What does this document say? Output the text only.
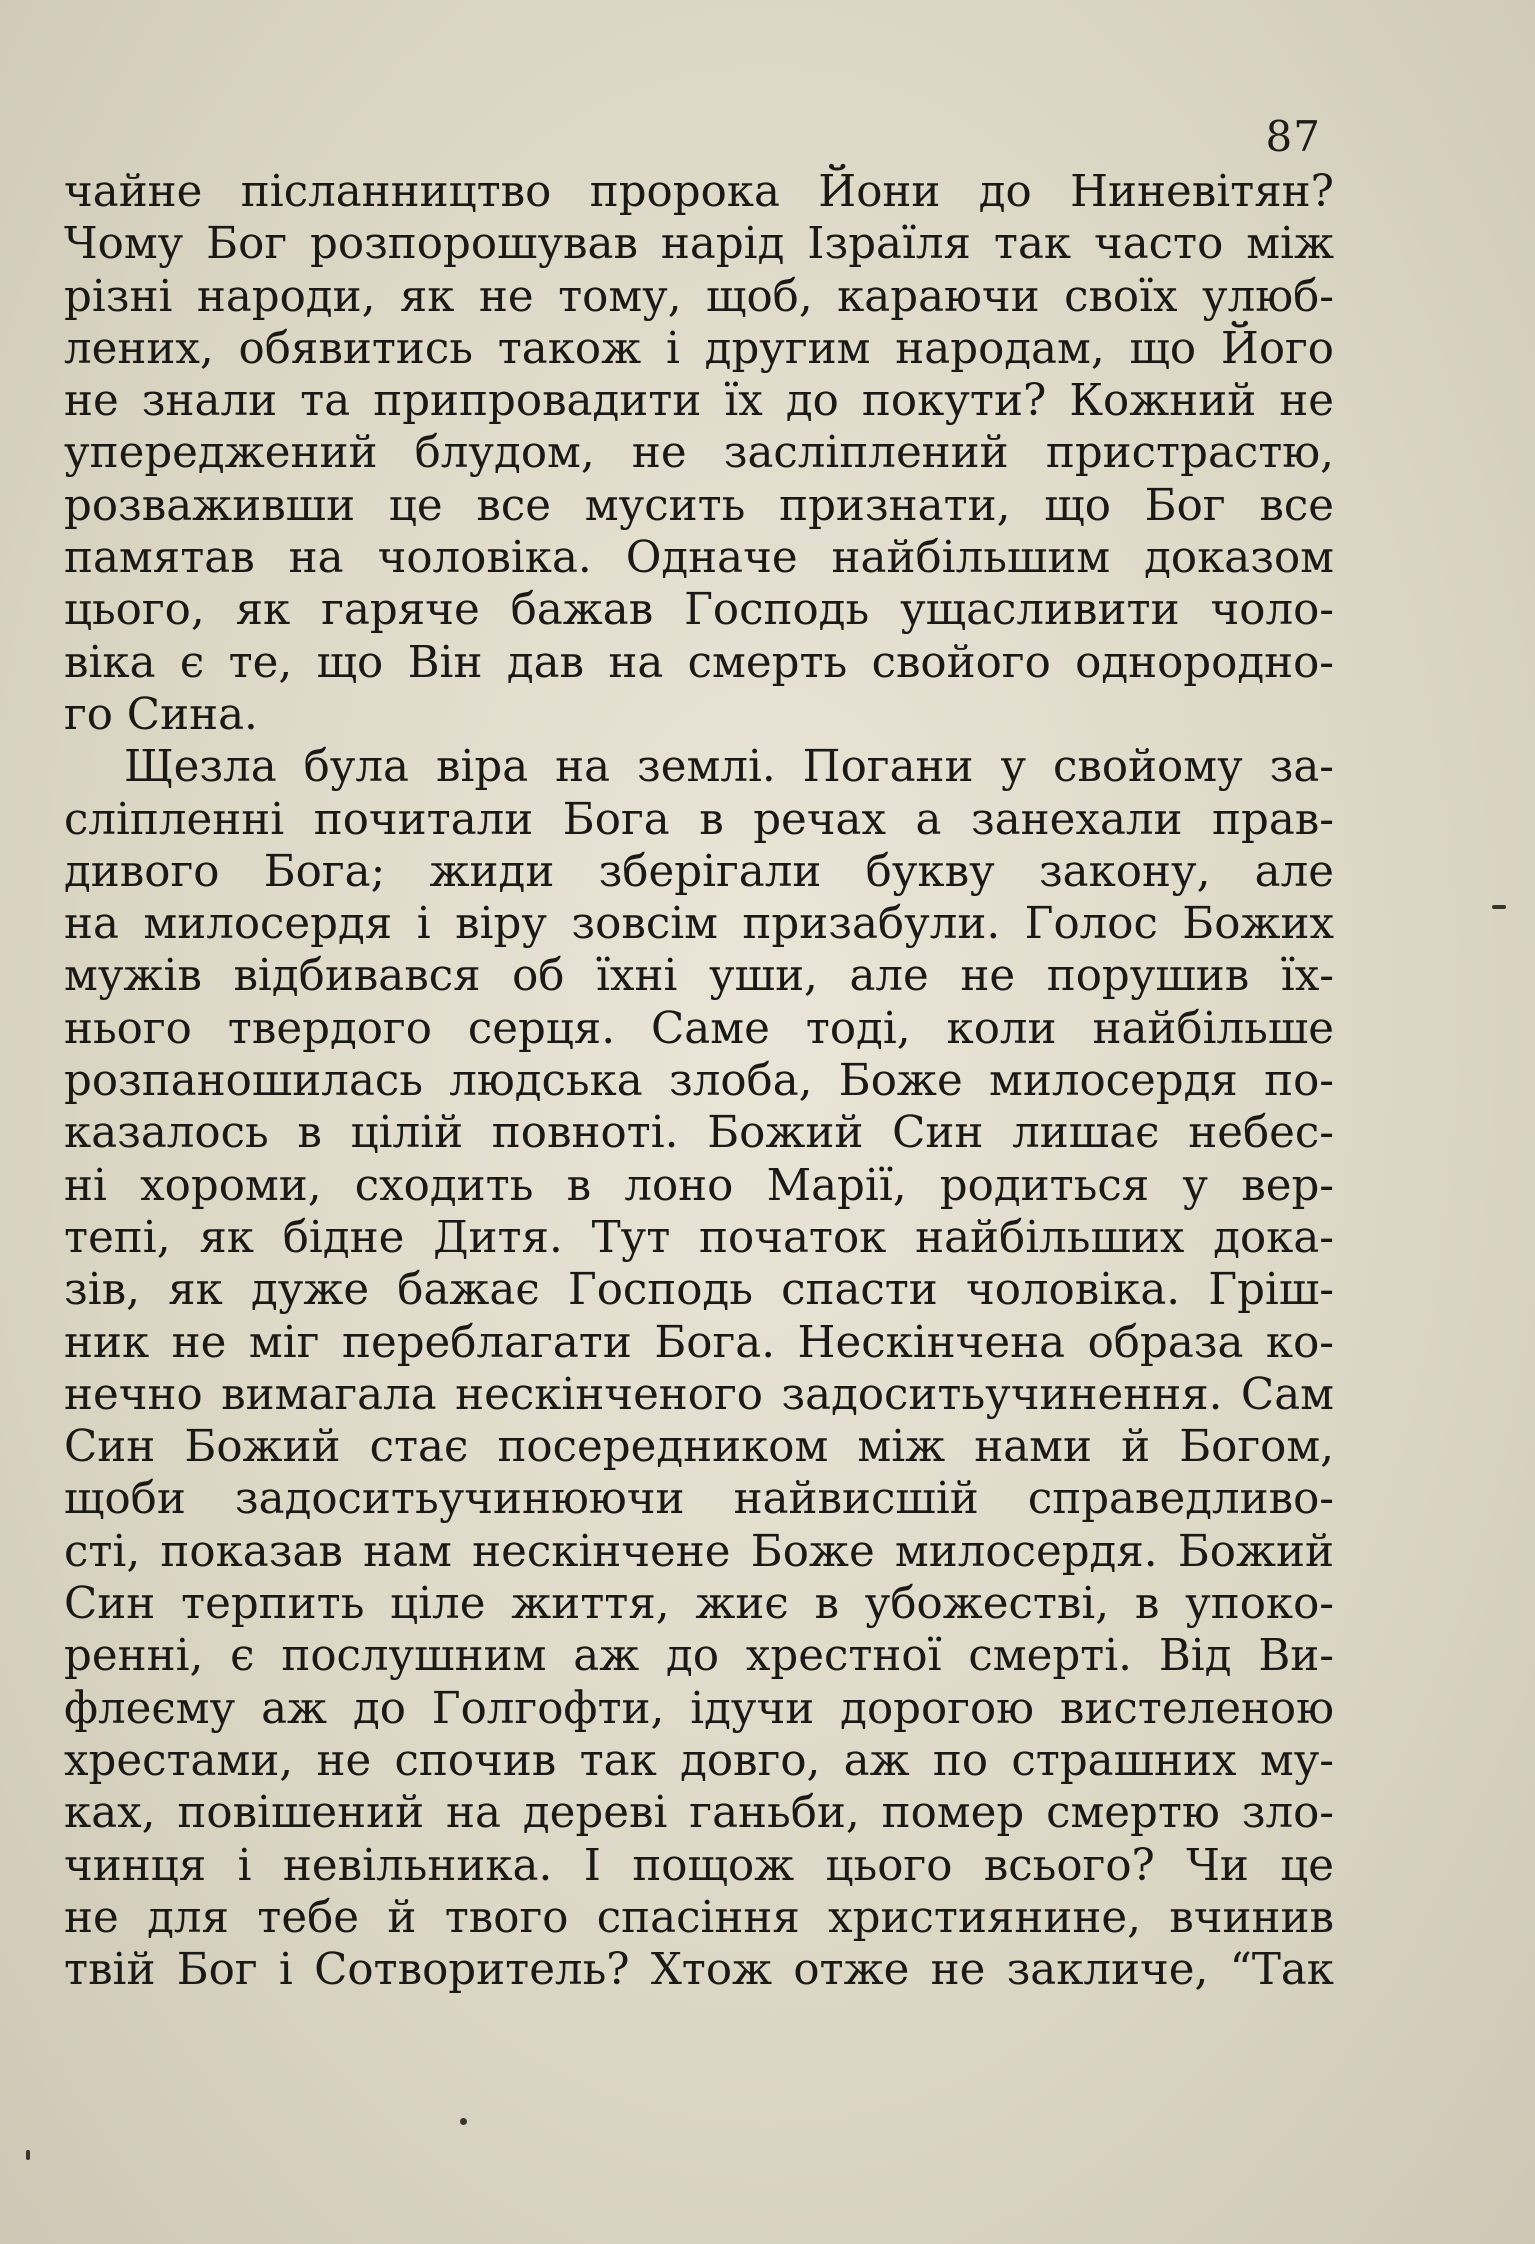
87
чайне післанництво пророка Йони до Ниневітян?
Чому Бог розпорошував нарід Ізраїля так часто між
різні народи, як не тому, щоб, караючи своїх улюб-
лених, обявитись також і другим народам, що Його
не знали та припровадити їх до покути? Кожний не
упереджений блудом, не засліплений пристрастю,
розваживши це все мусить признати, що Бог все
памятав на чоловіка. Одначе найбільшим доказом
цього, як гаряче бажав Господь ущасливити чоло-
віка є те, що Він дав на смерть свойого однородно-
го Сина.
Щезла була віра на землі. Погани у свойому за-
сліпленні почитали Бога в речах а занехали прав-
дивого Бога; жиди зберігали букву закону, але
на милосердя і віру зовсім призабули. Голос Божих
мужів відбивався об їхні уши, але не порушив їх-
нього твердого серця. Саме тоді, коли найбільше
розпаношилась людська злоба, Боже милосердя по-
казалось в цілій повноті. Божий Син лишає небес-
ні хороми, сходить в лоно Марії, родиться у вер-
тепі, як бідне Дитя. Тут початок найбільших дока-
зів, як дуже бажає Господь спасти чоловіка. Гріш-
ник не міг переблагати Бога. Нескінчена образа ко-
нечно вимагала нескінченого задоситьучинення. Сам
Син Божий стає посередником між нами й Богом,
щоби задоситьучинюючи найвисшій справедливо-
сті, показав нам нескінчене Боже милосердя. Божий
Син терпить ціле життя, жиє в убожестві, в упоко-
ренні, є послушним аж до хрестної смерті. Від Ви-
флеєму аж до Голгофти, ідучи дорогою вистеленою
хрестами, не спочив так довго, аж по страшних му-
ках, повішений на дереві ганьби, помер смертю зло-
чинця і невільника. І пощож цього всього? Чи це
не для тебе й твого спасіння християнине, вчинив
твій Бог і Сотворитель? Хтож отже не закличе, “Так
